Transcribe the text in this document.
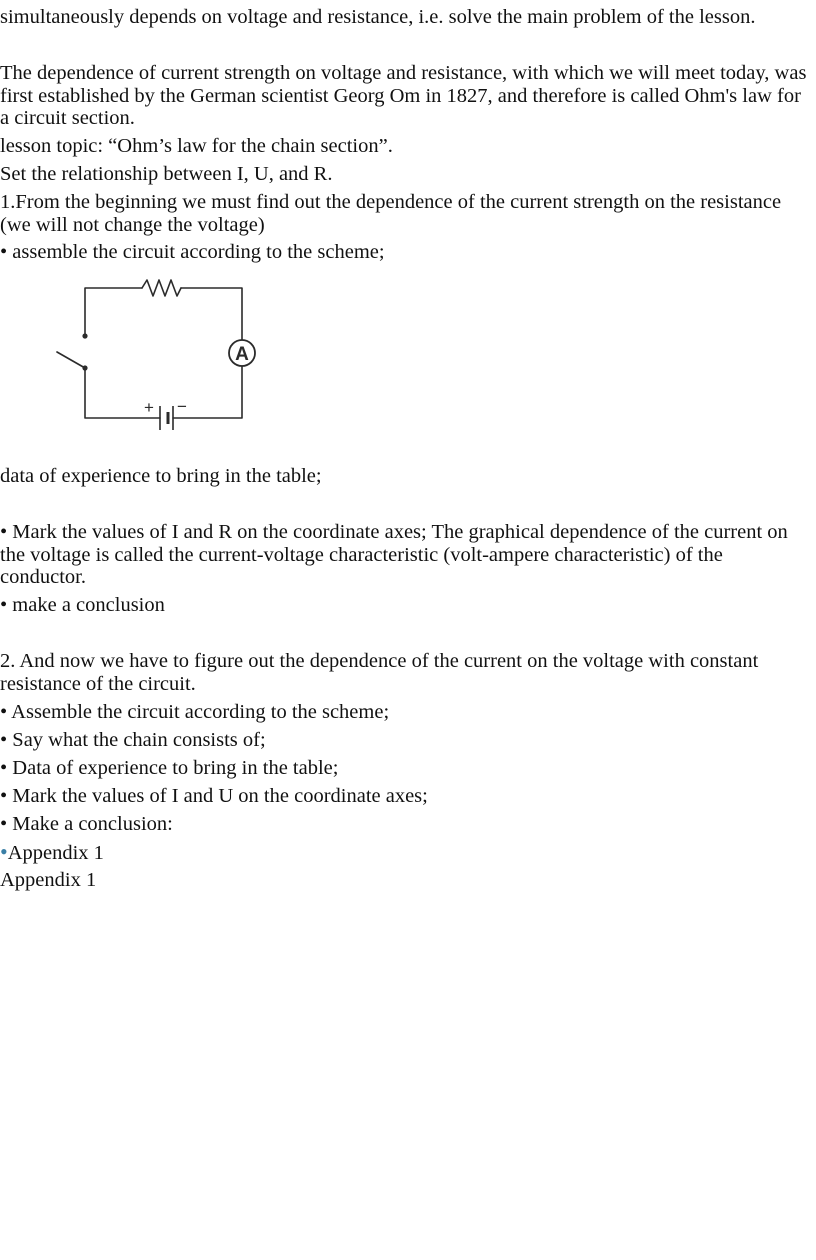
simultaneously depends on voltage and resistance, i.e. solve the main problem of the lesson.

The dependence of current strength on voltage and resistance, with which we will meet today, was first established by the German scientist Georg Om in 1827, and therefore is called Ohm's law for a circuit section.

lesson topic: “Ohm’s law for the chain section”.

Set the relationship between I, U, and R.

1.From the beginning we must find out the dependence of the current strength on the resistance (we will not change the voltage)

• assemble the circuit according to the scheme;

A
+ −

data of experience to bring in the table;

• Mark the values of I and R on the coordinate axes; The graphical dependence of the current on the voltage is called the current-voltage characteristic (volt-ampere characteristic) of the conductor.

• make a conclusion

2. And now we have to figure out the dependence of the current on the voltage with constant resistance of the circuit.

• Assemble the circuit according to the scheme;

• Say what the chain consists of;

• Data of experience to bring in the table;

• Mark the values of I and U on the coordinate axes;

• Make a conclusion:

•Appendix 1

Appendix 1
